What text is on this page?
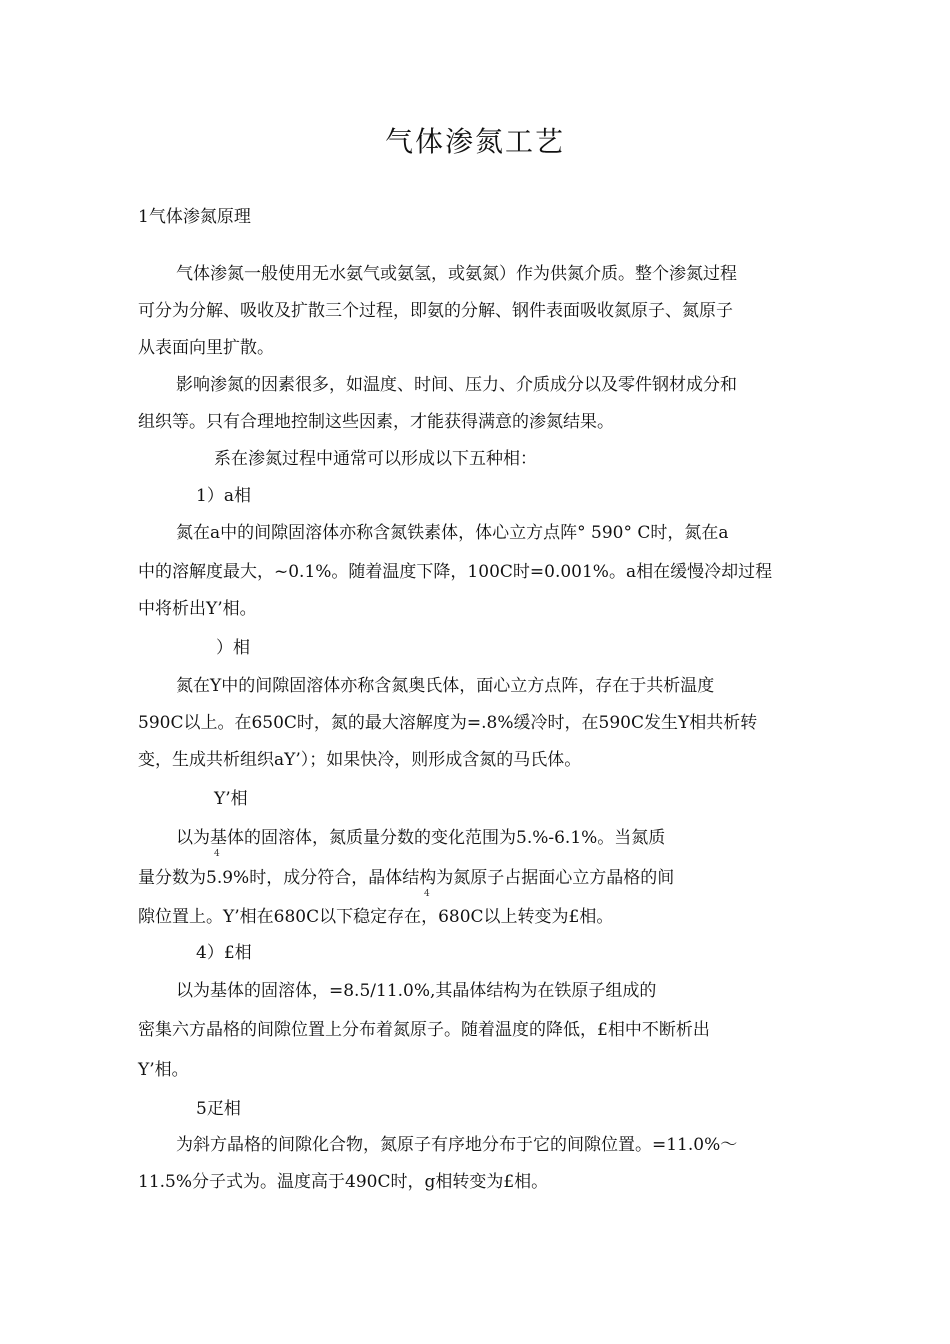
气体渗氮工艺
1气体渗氮原理
气体渗氮一般使用无水氨气或氨氢，或氨氮）作为供氮介质。整个渗氮过程
可分为分解、吸收及扩散三个过程，即氨的分解、钢件表面吸收氮原子、氮原子
从表面向里扩散。
影响渗氮的因素很多，如温度、时间、压力、介质成分以及零件钢材成分和
组织等。只有合理地控制这些因素，才能获得满意的渗氮结果。
系在渗氮过程中通常可以形成以下五种相：
1）a相
氮在a中的间隙固溶体亦称含氮铁素体，体心立方点阵° 590° C时，氮在a
中的溶解度最大，~0.1%。随着温度下降，100C时=0.001%。a相在缓慢冷却过程
中将析出Y’相。
）相
氮在Y中的间隙固溶体亦称含氮奥氏体，面心立方点阵，存在于共析温度
590C以上。在650C时，氮的最大溶解度为=.8%缓冷时，在590C发生Y相共析转
变，生成共析组织aY’）；如果快冷，则形成含氮的马氏体。
Y’相
以为基体的固溶体，氮质量分数的变化范围为5.%-6.1%。当氮质
4
量分数为5.9%时，成分符合，晶体结构为氮原子占据面心立方晶格的间
4
隙位置上。Y’相在680C以下稳定存在，680C以上转变为£相。
4）£相
以为基体的固溶体，=8.5/11.0%,其晶体结构为在铁原子组成的
密集六方晶格的间隙位置上分布着氮原子。随着温度的降低，£相中不断析出
Y’相。
5疋相
为斜方晶格的间隙化合物，氮原子有序地分布于它的间隙位置。=11.0%〜
11.5%分子式为。温度高于490C时，g相转变为£相。
